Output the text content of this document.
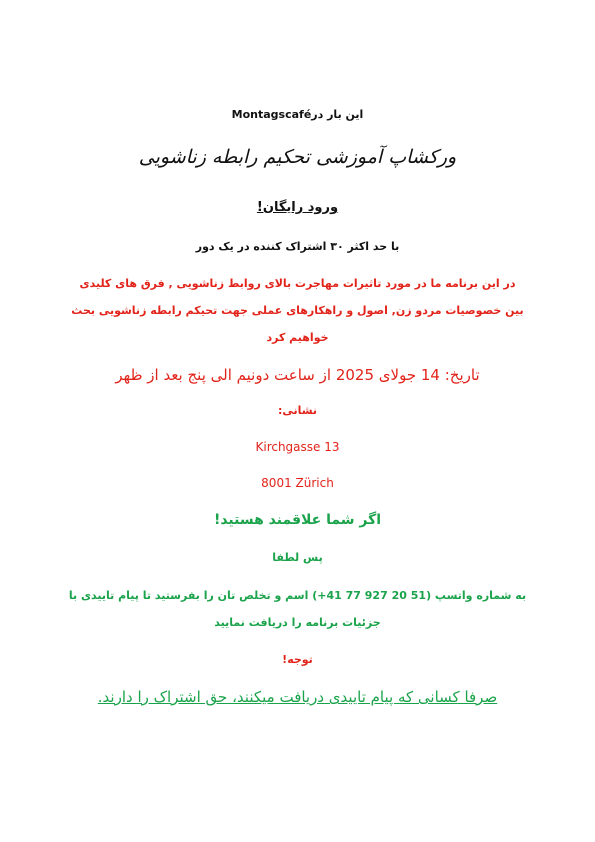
این بار درMontagscafé
ورکشاپ آموزشی تحکیم رابطه زناشویی
ورود رایگان!
با حد اکثر ۳۰ اشتراک کننده در یک دور
در این برنامه ما در مورد تاثیرات مهاجرت بالای روابط زناشویی , فرق های کلیدی بین خصوصیات مردو زن, اصول و راهکارهای عملی جهت تحیکم رابطه زناشویی بحث خواهیم کرد
تاریخ: 14 جولای 2025 از ساعت دونیم الی پنج بعد از ظهر
نشانی:
Kirchgasse 13
8001 Zürich
اگر شما علاقمند هستید!
پس لطفا
به شماره واتسپ (51 20 927 77 41+) اسم و تخلص تان را بفرستید تا پیام تاییدی با
جزئیات برنامه را دریافت نمایید
توجه!
صرفا کسانی که پیام تاییدی دریافت میکنند، حق اشتراک را دارند.
